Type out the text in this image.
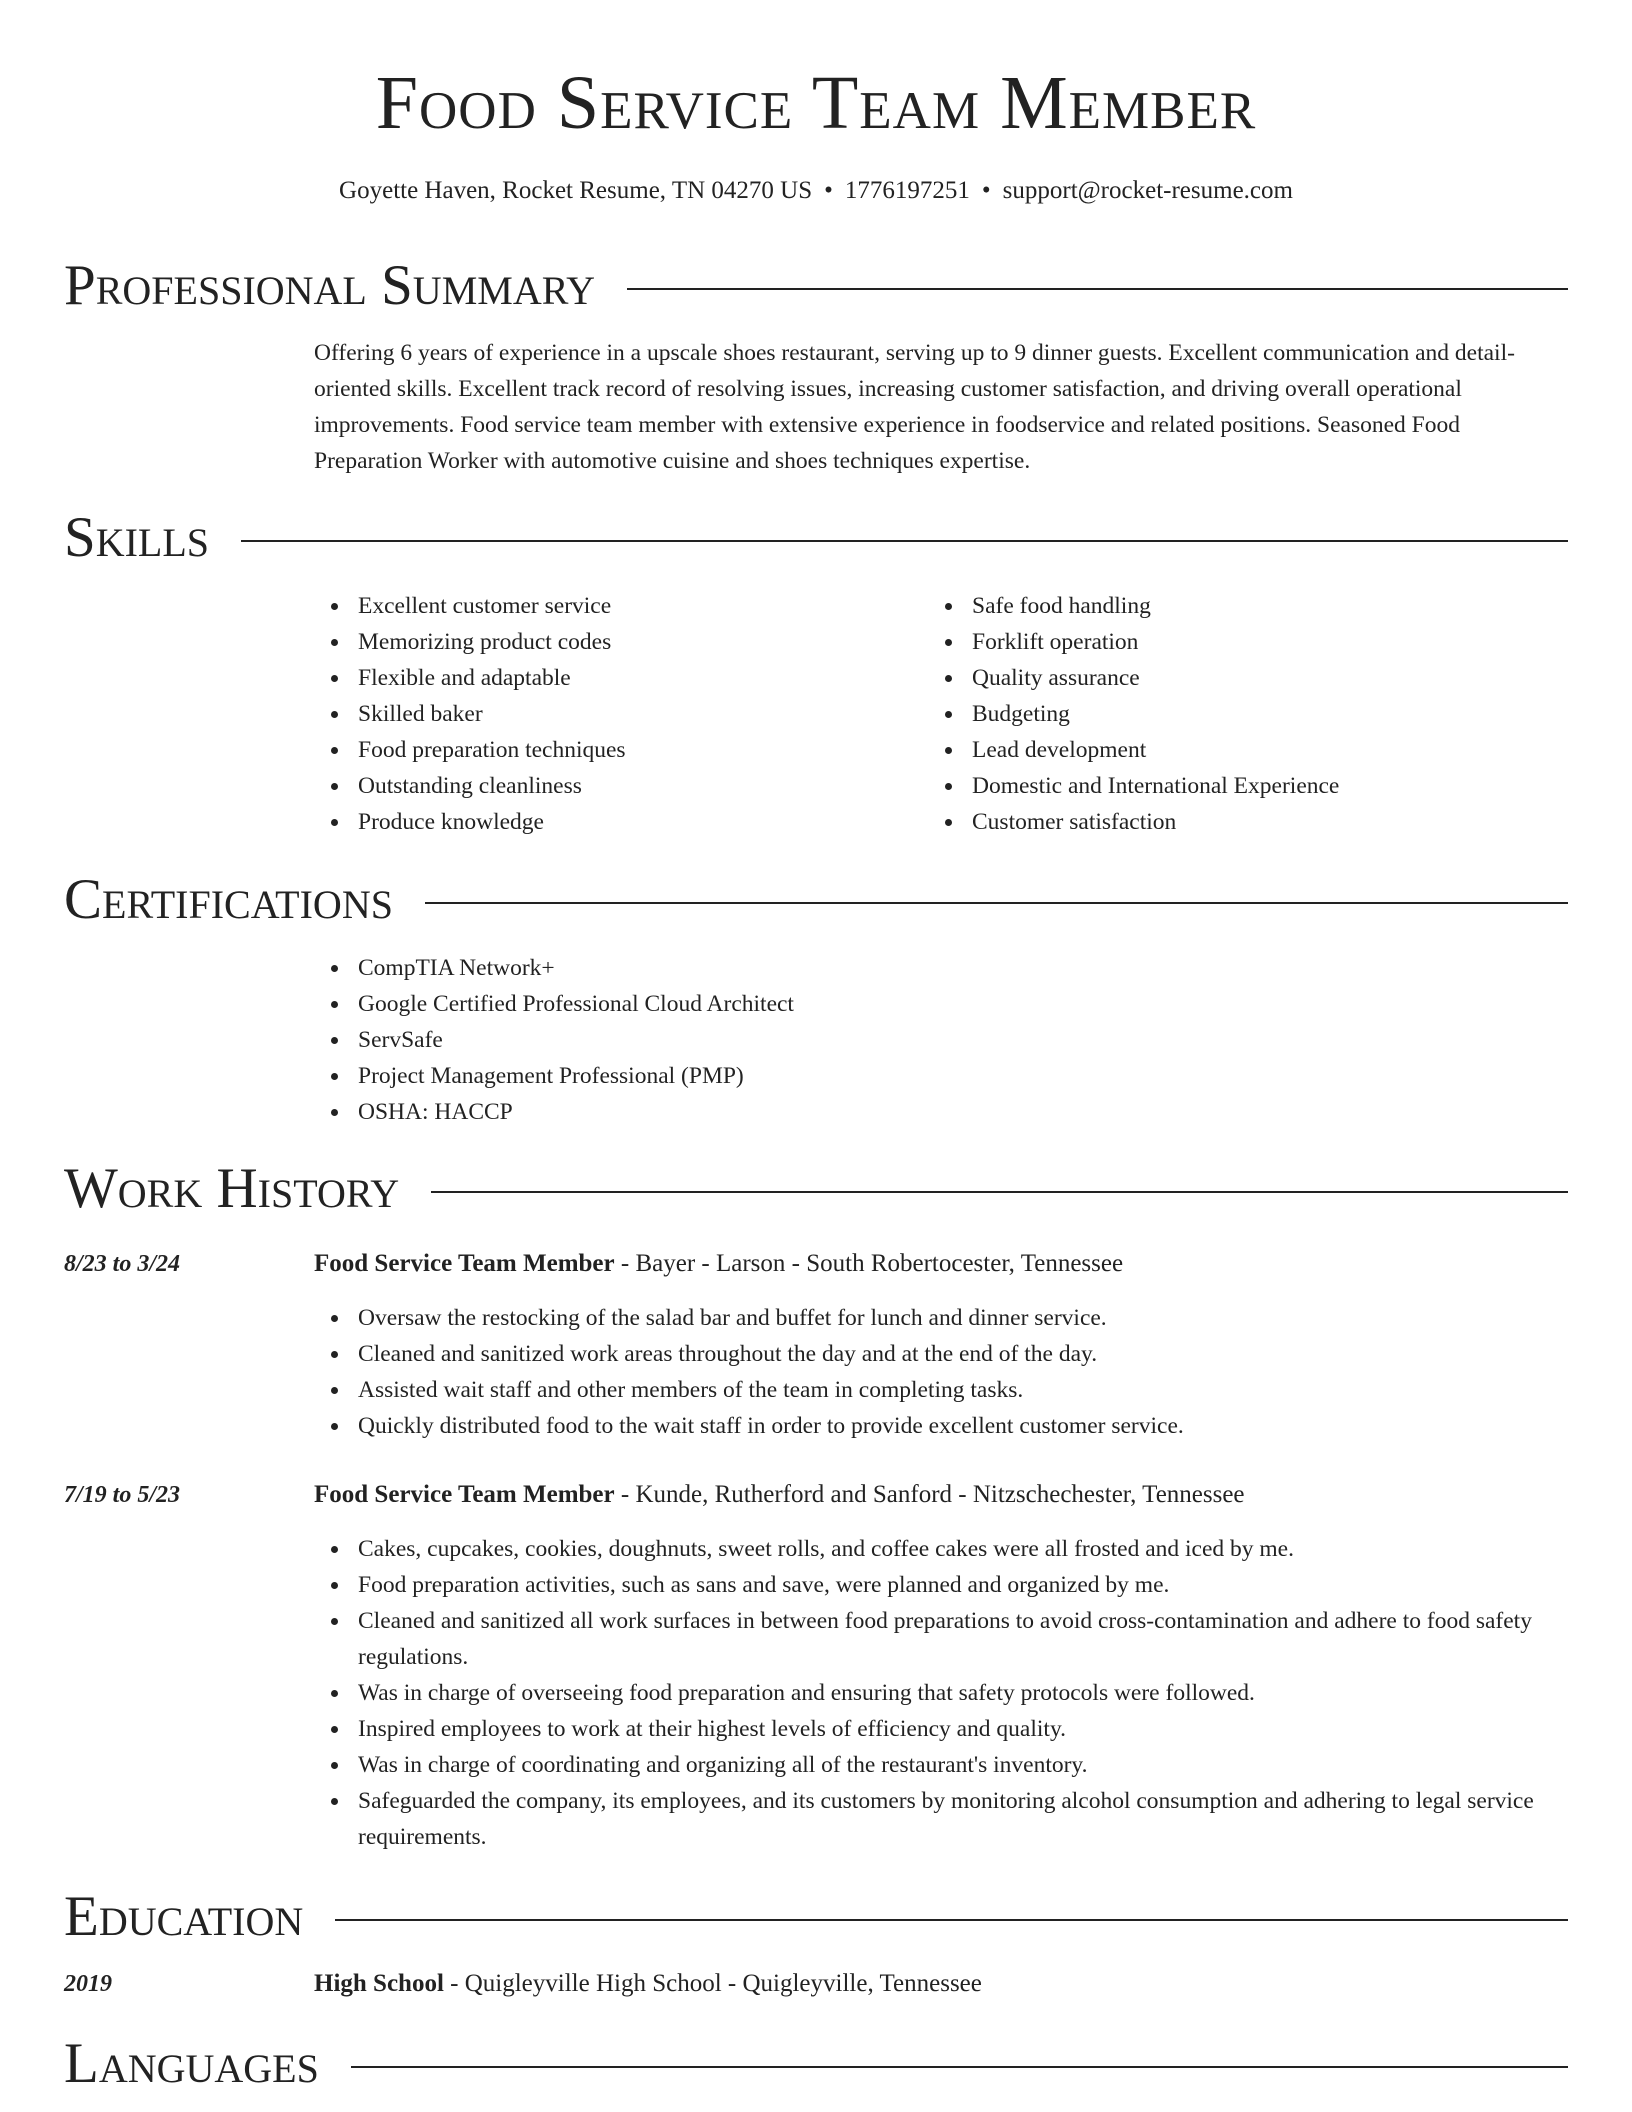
Food Service Team Member
Goyette Haven, Rocket Resume, TN 04270 US • 1776197251 • support@rocket-resume.com
Professional Summary
Offering 6 years of experience in a upscale shoes restaurant, serving up to 9 dinner guests. Excellent communication and detail-oriented skills. Excellent track record of resolving issues, increasing customer satisfaction, and driving overall operational improvements. Food service team member with extensive experience in foodservice and related positions. Seasoned Food Preparation Worker with automotive cuisine and shoes techniques expertise.
Skills
Excellent customer service
Memorizing product codes
Flexible and adaptable
Skilled baker
Food preparation techniques
Outstanding cleanliness
Produce knowledge
Safe food handling
Forklift operation
Quality assurance
Budgeting
Lead development
Domestic and International Experience
Customer satisfaction
Certifications
CompTIA Network+
Google Certified Professional Cloud Architect
ServSafe
Project Management Professional (PMP)
OSHA: HACCP
Work History
8/23 to 3/24	Food Service Team Member - Bayer - Larson - South Robertocester, Tennessee
Oversaw the restocking of the salad bar and buffet for lunch and dinner service.
Cleaned and sanitized work areas throughout the day and at the end of the day.
Assisted wait staff and other members of the team in completing tasks.
Quickly distributed food to the wait staff in order to provide excellent customer service.
7/19 to 5/23	Food Service Team Member - Kunde, Rutherford and Sanford - Nitzschechester, Tennessee
Cakes, cupcakes, cookies, doughnuts, sweet rolls, and coffee cakes were all frosted and iced by me.
Food preparation activities, such as sans and save, were planned and organized by me.
Cleaned and sanitized all work surfaces in between food preparations to avoid cross-contamination and adhere to food safety regulations.
Was in charge of overseeing food preparation and ensuring that safety protocols were followed.
Inspired employees to work at their highest levels of efficiency and quality.
Was in charge of coordinating and organizing all of the restaurant's inventory.
Safeguarded the company, its employees, and its customers by monitoring alcohol consumption and adhering to legal service requirements.
Education
2019	High School - Quigleyville High School - Quigleyville, Tennessee
Languages
